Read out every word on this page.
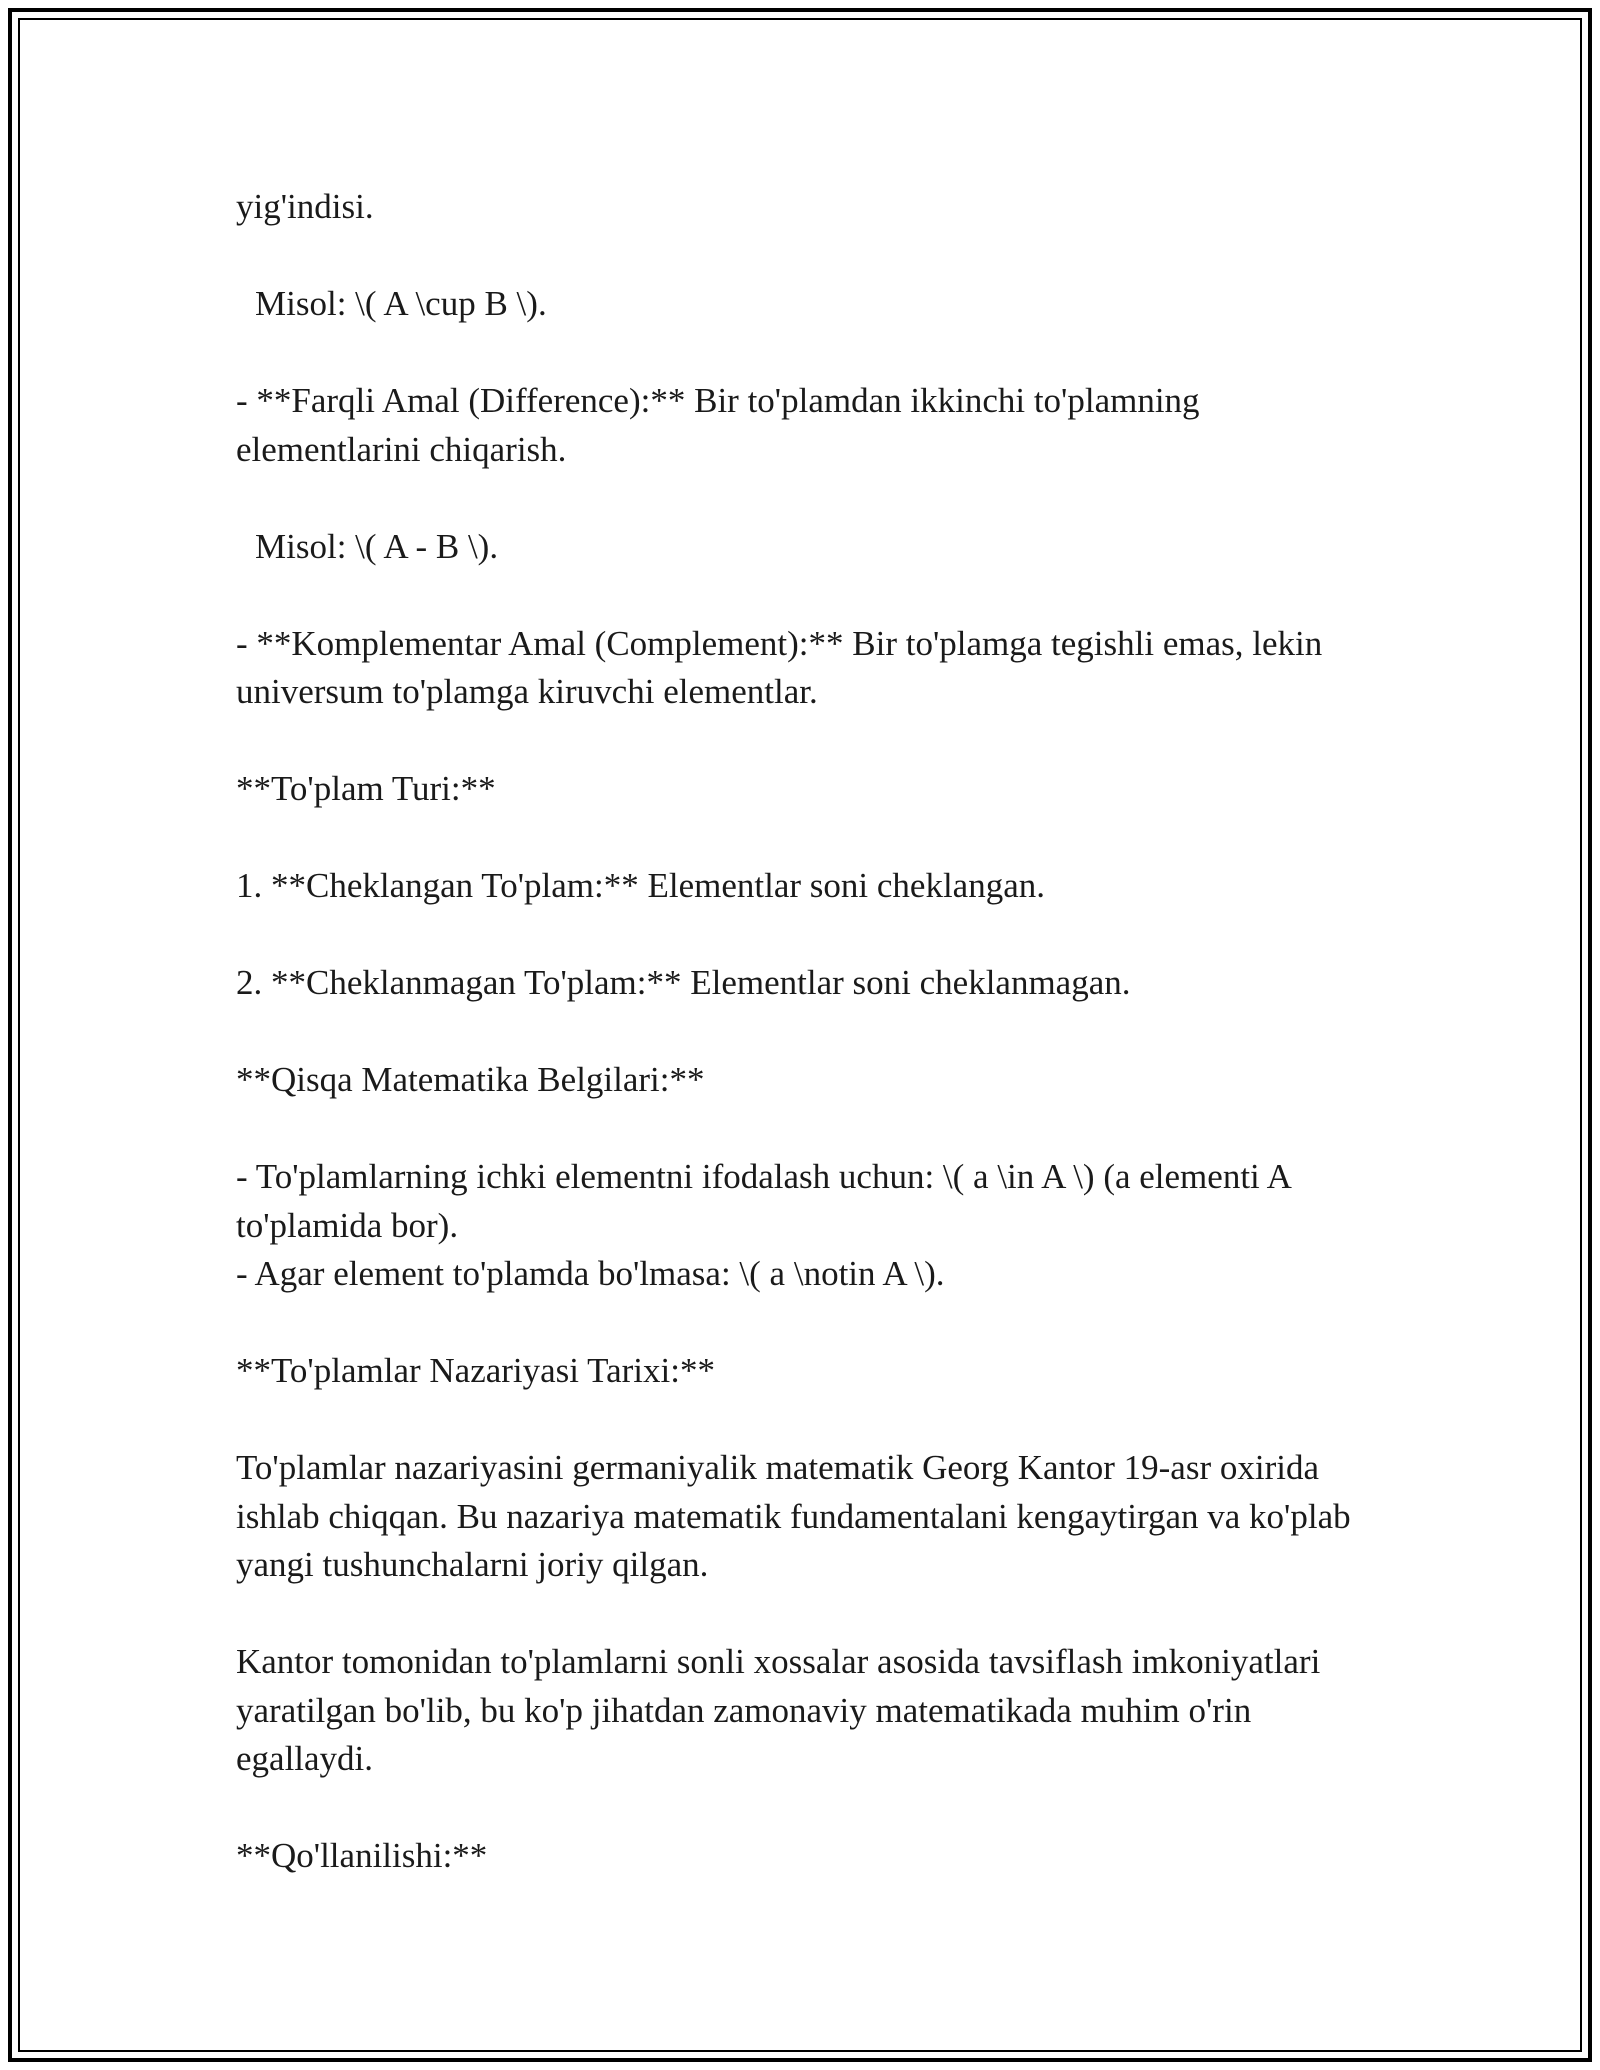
yig'indisi.

Misol: \( A \cup B \).

- **Farqli Amal (Difference):** Bir to'plamdan ikkinchi to'plamning elementlarini chiqarish.

Misol: \( A - B \).

- **Komplementar Amal (Complement):** Bir to'plamga tegishli emas, lekin universum to'plamga kiruvchi elementlar.

**To'plam Turi:**

1. **Cheklangan To'plam:** Elementlar soni cheklangan.

2. **Cheklanmagan To'plam:** Elementlar soni cheklanmagan.

**Qisqa Matematika Belgilari:**

- To'plamlarning ichki elementni ifodalash uchun: \( a \in A \) (a elementi A to'plamida bor).

- Agar element to'plamda bo'lmasa: \( a \notin A \).

**To'plamlar Nazariyasi Tarixi:**

To'plamlar nazariyasini germaniyalik matematik Georg Kantor 19-asr oxirida ishlab chiqqan. Bu nazariya matematik fundamentalani kengaytirgan va ko'plab yangi tushunchalarni joriy qilgan.

Kantor tomonidan to'plamlarni sonli xossalar asosida tavsiflash imkoniyatlari yaratilgan bo'lib, bu ko'p jihatdan zamonaviy matematikada muhim o'rin egallaydi.

**Qo'llanilishi:**
